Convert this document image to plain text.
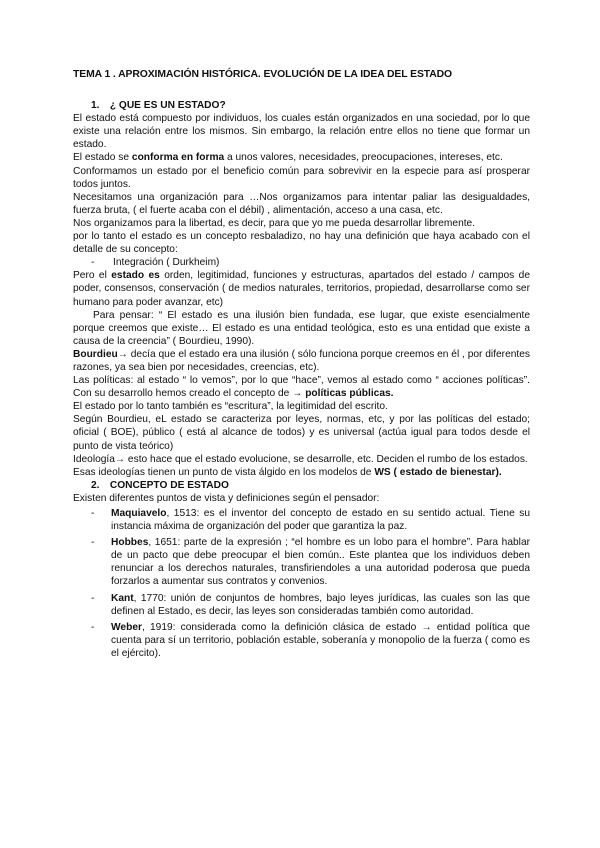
TEMA 1 . APROXIMACIÓN HISTÓRICA. EVOLUCIÓN DE LA IDEA DEL ESTADO
1. ¿ QUE ES UN ESTADO?

El estado está compuesto por individuos, los cuales están organizados en una sociedad, por lo que existe una relación entre los mismos. Sin embargo, la relación entre ellos no tiene que formar un estado.

El estado se conforma en forma a unos valores, necesidades, preocupaciones, intereses, etc.

Conformamos un estado por el beneficio común para sobrevivir en la especie para así prosperar todos juntos.

Necesitamos una organización para …Nos organizamos para intentar paliar las desigualdades, fuerza bruta, ( el fuerte acaba con el débil) , alimentación, acceso a una casa, etc.

Nos organizamos para la libertad, es decir, para que yo me pueda desarrollar libremente.

por lo tanto el estado es un concepto resbaladizo, no hay una definición que haya acabado con el detalle de su concepto:

-	Integración ( Durkheim)

Pero el estado es orden, legitimidad, funciones y estructuras, apartados del estado / campos de poder, consensos, conservación ( de medios naturales, territorios, propiedad, desarrollarse como ser humano para poder avanzar, etc)

Para pensar: “ El estado es una ilusión bien fundada, ese lugar, que existe esencialmente porque creemos que existe… El estado es una entidad teológica, esto es una entidad que existe a causa de la creencia” ( Bourdieu, 1990).

Bourdieu→ decía que el estado era una ilusión ( sólo funciona porque creemos en él , por diferentes razones, ya sea bien por necesidades, creencias, etc).

Las políticas: al estado “ lo vemos”, por lo que “hace”, vemos al estado como “ acciones políticas”. Con su desarrollo hemos creado el concepto de → políticas públicas.

El estado por lo tanto también es “escritura”, la legitimidad del escrito.

Según Bourdieu, eL estado se caracteriza por leyes, normas, etc, y por las políticas del estado; oficial ( BOE), público ( está al alcance de todos) y es universal (actúa igual para todos desde el punto de vista teórico)

Ideología→ esto hace que el estado evolucione, se desarrolle, etc. Deciden el rumbo de los estados.

Esas ideologías tienen un punto de vista álgido en los modelos de WS ( estado de bienestar).

2. CONCEPTO DE ESTADO

Existen diferentes puntos de vista y definiciones según el pensador:

-	Maquiavelo, 1513: es el inventor del concepto de estado en su sentido actual. Tiene su instancia máxima de organización del poder que garantiza la paz.
-	Hobbes, 1651: parte de la expresión ; “el hombre es un lobo para el hombre”. Para hablar de un pacto que debe preocupar el bien común.. Este plantea que los individuos deben renunciar a los derechos naturales, transfiriendoles a una autoridad poderosa que pueda forzarlos a aumentar sus contratos y convenios.
-	Kant, 1770: unión de conjuntos de hombres, bajo leyes jurídicas, las cuales son las que definen al Estado, es decir, las leyes son consideradas también como autoridad.
-	Weber, 1919: considerada como la definición clásica de estado → entidad política que cuenta para sí un territorio, población estable, soberanía y monopolio de la fuerza ( como es el ejército).
